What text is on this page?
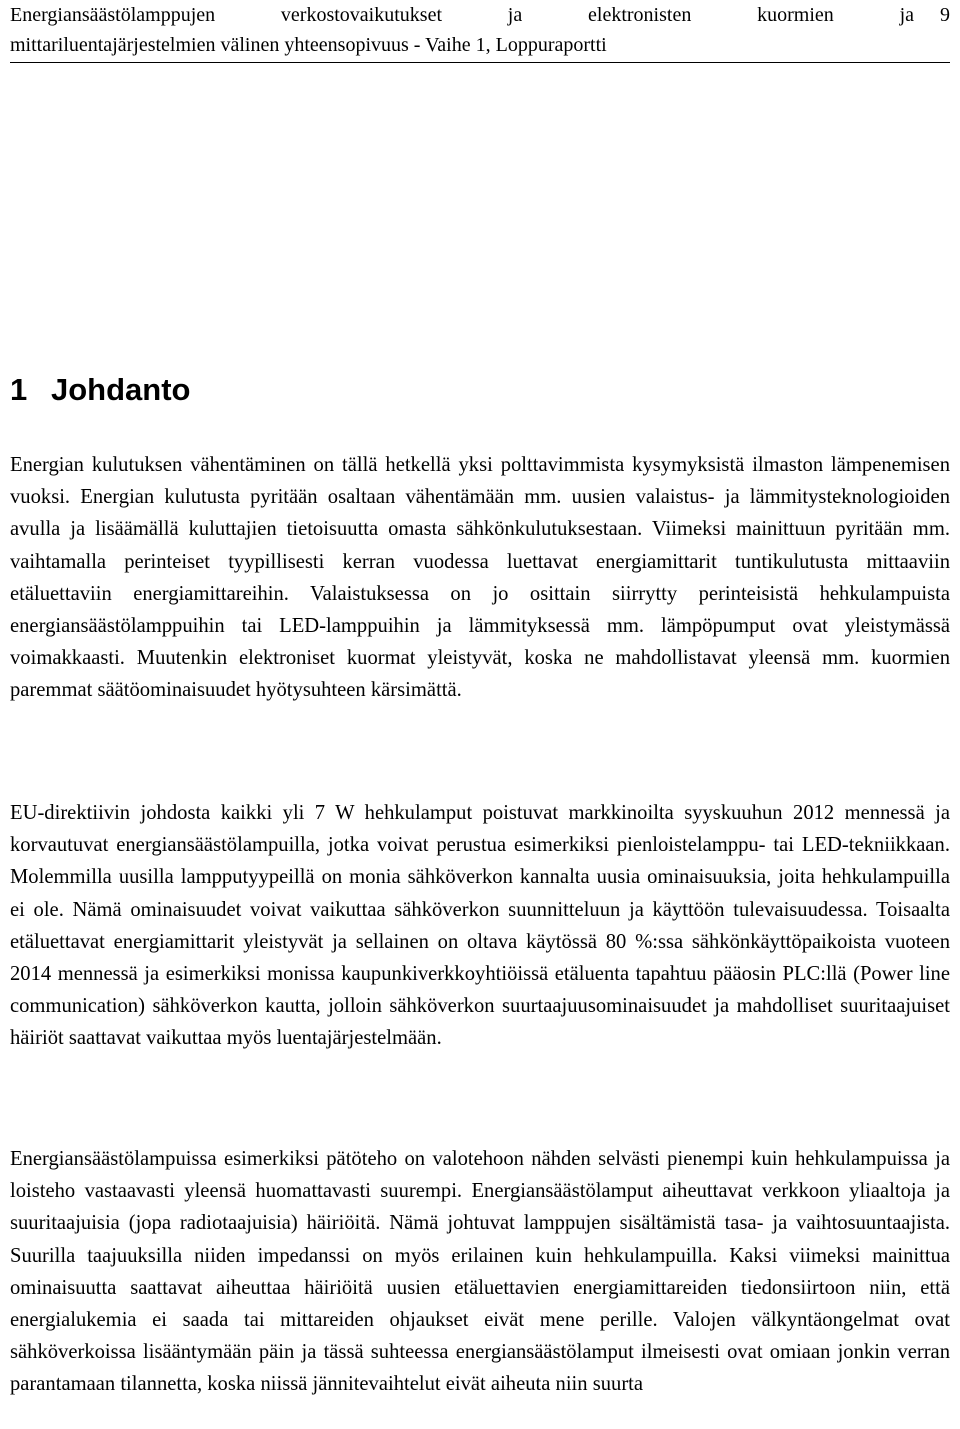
Energiansäästölamppujen verkostovaikutukset ja elektronisten kuormien ja
mittariluentajärjestelmien välinen yhteensopivuus - Vaihe 1, Loppuraportti
9
1 Johdanto

Energian kulutuksen vähentäminen on tällä hetkellä yksi polttavimmista kysymyksistä ilmaston lämpenemisen vuoksi. Energian kulutusta pyritään osaltaan vähentämään mm. uusien valaistus- ja lämmitysteknologioiden avulla ja lisäämällä kuluttajien tietoisuutta omasta sähkönkulutuksestaan. Viimeksi mainittuun pyritään mm. vaihtamalla perinteiset tyypillisesti kerran vuodessa luettavat energiamittarit tuntikulutusta mittaaviin etäluettaviin energiamittareihin. Valaistuksessa on jo osittain siirrytty perinteisistä hehkulampuista energiansäästölamppuihin tai LED-lamppuihin ja lämmityksessä mm. lämpöpumput ovat yleistymässä voimakkaasti. Muutenkin elektroniset kuormat yleistyvät, koska ne mahdollistavat yleensä mm. kuormien paremmat säätöominaisuudet hyötysuhteen kärsimättä.

EU-direktiivin johdosta kaikki yli 7 W hehkulamput poistuvat markkinoilta syyskuuhun 2012 mennessä ja korvautuvat energiansäästölampuilla, jotka voivat perustua esimerkiksi pienloistelamppu- tai LED-tekniikkaan. Molemmilla uusilla lampputyypeillä on monia sähköverkon kannalta uusia ominaisuuksia, joita hehkulampuilla ei ole. Nämä ominaisuudet voivat vaikuttaa sähköverkon suunnitteluun ja käyttöön tulevaisuudessa. Toisaalta etäluettavat energiamittarit yleistyvät ja sellainen on oltava käytössä 80 %:ssa sähkönkäyttöpaikoista vuoteen 2014 mennessä ja esimerkiksi monissa kaupunkiverkkoyhtiöissä etäluenta tapahtuu pääosin PLC:llä (Power line communication) sähköverkon kautta, jolloin sähköverkon suurtaajuusominaisuudet ja mahdolliset suuritaajuiset häiriöt saattavat vaikuttaa myös luentajärjestelmään.

Energiansäästölampuissa esimerkiksi pätöteho on valotehoon nähden selvästi pienempi kuin hehkulampuissa ja loisteho vastaavasti yleensä huomattavasti suurempi. Energiansäästölamput aiheuttavat verkkoon yliaaltoja ja suuritaajuisia (jopa radiotaajuisia) häiriöitä. Nämä johtuvat lamppujen sisältämistä tasa- ja vaihtosuuntaajista. Suurilla taajuuksilla niiden impedanssi on myös erilainen kuin hehkulampuilla. Kaksi viimeksi mainittua ominaisuutta saattavat aiheuttaa häiriöitä uusien etäluettavien energiamittareiden tiedonsiirtoon niin, että energialukemia ei saada tai mittareiden ohjaukset eivät mene perille. Valojen välkyntäongelmat ovat sähköverkoissa lisääntymään päin ja tässä suhteessa energiansäästölamput ilmeisesti ovat omiaan jonkin verran parantamaan tilannetta, koska niissä jännitevaihtelut eivät aiheuta niin suurta
